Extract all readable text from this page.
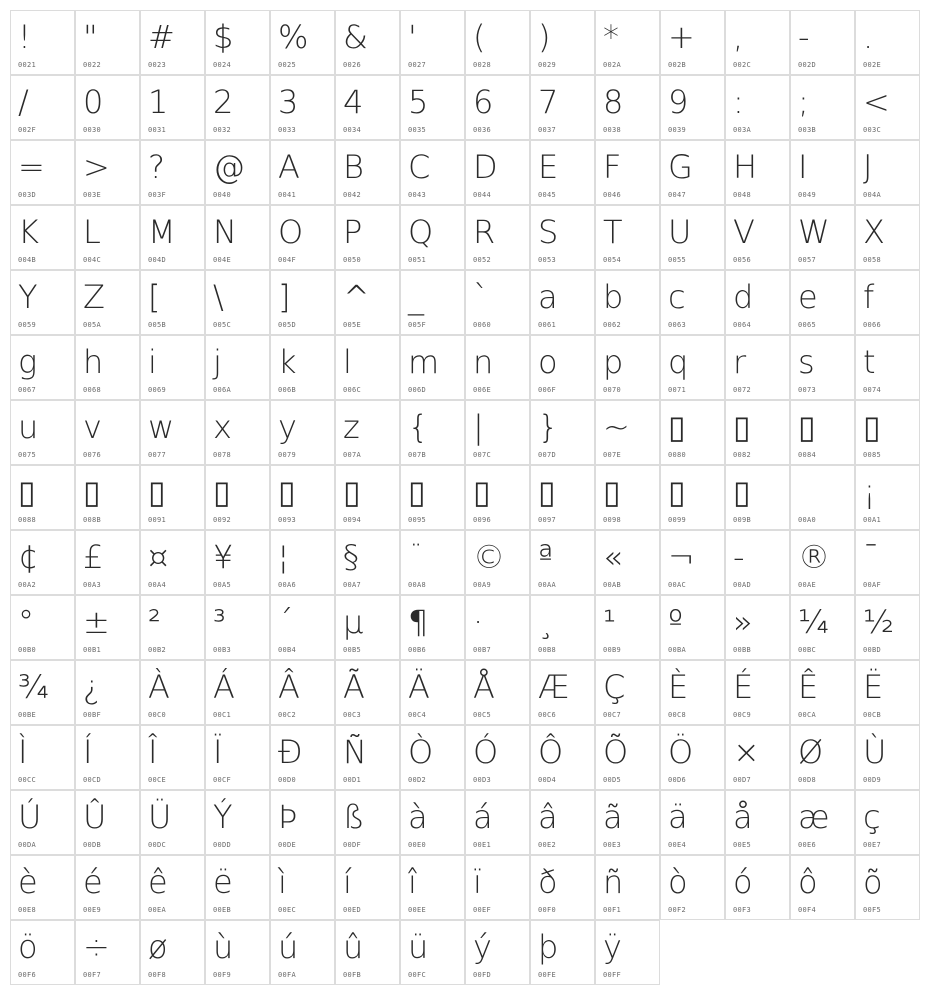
!
0021
"
0022
#
0023
$
0024
%
0025
&
0026
'
0027
(
0028
)
0029
*
002A
+
002B
,
002C
-
002D
.
002E
/
002F
0
0030
1
0031
2
0032
3
0033
4
0034
5
0035
6
0036
7
0037
8
0038
9
0039
:
003A
;
003B
<
003C
=
003D
>
003E
?
003F
@
0040
A
0041
B
0042
C
0043
D
0044
E
0045
F
0046
G
0047
H
0048
I
0049
J
004A
K
004B
L
004C
M
004D
N
004E
O
004F
P
0050
Q
0051
R
0052
S
0053
T
0054
U
0055
V
0056
W
0057
X
0058
Y
0059
Z
005A
[
005B
\
005C
]
005D
^
005E
_
005F
`
0060
a
0061
b
0062
c
0063
d
0064
e
0065
f
0066
g
0067
h
0068
i
0069
j
006A
k
006B
l
006C
m
006D
n
006E
o
006F
p
0070
q
0071
r
0072
s
0073
t
0074
u
0075
v
0076
w
0077
x
0078
y
0079
z
007A
{
007B
|
007C
}
007D
~
007E
▯
0080
▯
0082
▯
0084
▯
0085
▯
0088
▯
008B
▯
0091
▯
0092
▯
0093
▯
0094
▯
0095
▯
0096
▯
0097
▯
0098
▯
0099
▯
009B
	00A0
¡
00A1
¢
00A2
£
00A3
¤
00A4
¥
00A5
¦
00A6
§
00A7
¨
00A8
©
00A9
ª
00AA
«
00AB
¬
00AC
-
00AD
®
00AE
¯
00AF
°
00B0
±
00B1
²
00B2
³
00B3
´
00B4
µ
00B5
¶
00B6
·
00B7
¸
00B8
¹
00B9
º
00BA
»
00BB
¼
00BC
½
00BD
¾
00BE
¿
00BF
À
00C0
Á
00C1
Â
00C2
Ã
00C3
Ä
00C4
Å
00C5
Æ
00C6
Ç
00C7
È
00C8
É
00C9
Ê
00CA
Ë
00CB
Ì
00CC
Í
00CD
Î
00CE
Ï
00CF
Đ
00D0
Ñ
00D1
Ò
00D2
Ó
00D3
Ô
00D4
Õ
00D5
Ö
00D6
×
00D7
Ø
00D8
Ù
00D9
Ú
00DA
Û
00DB
Ü
00DC
Ý
00DD
Þ
00DE
ß
00DF
à
00E0
á
00E1
â
00E2
ã
00E3
ä
00E4
å
00E5
æ
00E6
ç
00E7
è
00E8
é
00E9
ê
00EA
ë
00EB
ì
00EC
í
00ED
î
00EE
ï
00EF
ð
00F0
ñ
00F1
ò
00F2
ó
00F3
ô
00F4
õ
00F5
ö
00F6
÷
00F7
ø
00F8
ù
00F9
ú
00FA
û
00FB
ü
00FC
ý
00FD
þ
00FE
ÿ
00FF
